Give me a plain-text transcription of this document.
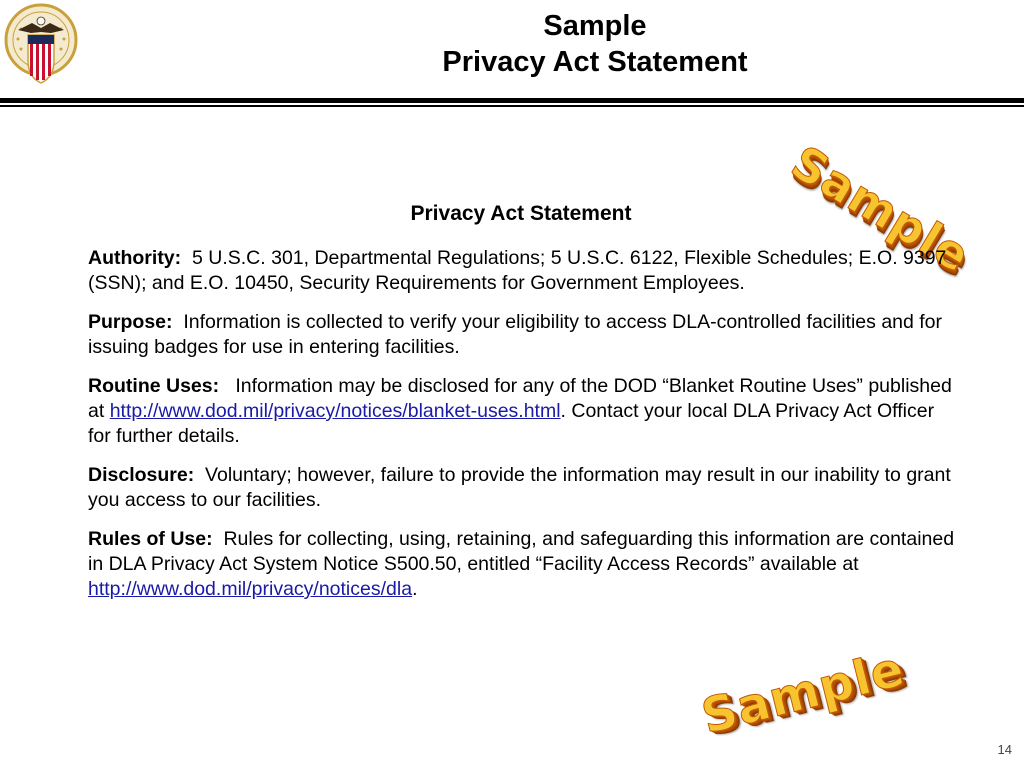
Sample
Privacy Act Statement
Sample
Privacy Act Statement

Authority: 5 U.S.C. 301, Departmental Regulations; 5 U.S.C. 6122, Flexible Schedules; E.O. 9397 (SSN); and E.O. 10450, Security Requirements for Government Employees.

Purpose: Information is collected to verify your eligibility to access DLA-controlled facilities and for issuing badges for use in entering facilities.

Routine Uses: Information may be disclosed for any of the DOD “Blanket Routine Uses” published at http://www.dod.mil/privacy/notices/blanket-uses.html. Contact your local DLA Privacy Act Officer for further details.

Disclosure: Voluntary; however, failure to provide the information may result in our inability to grant you access to our facilities.

Rules of Use: Rules for collecting, using, retaining, and safeguarding this information are contained in DLA Privacy Act System Notice S500.50, entitled “Facility Access Records” available at http://www.dod.mil/privacy/notices/dla.

Sample
14
